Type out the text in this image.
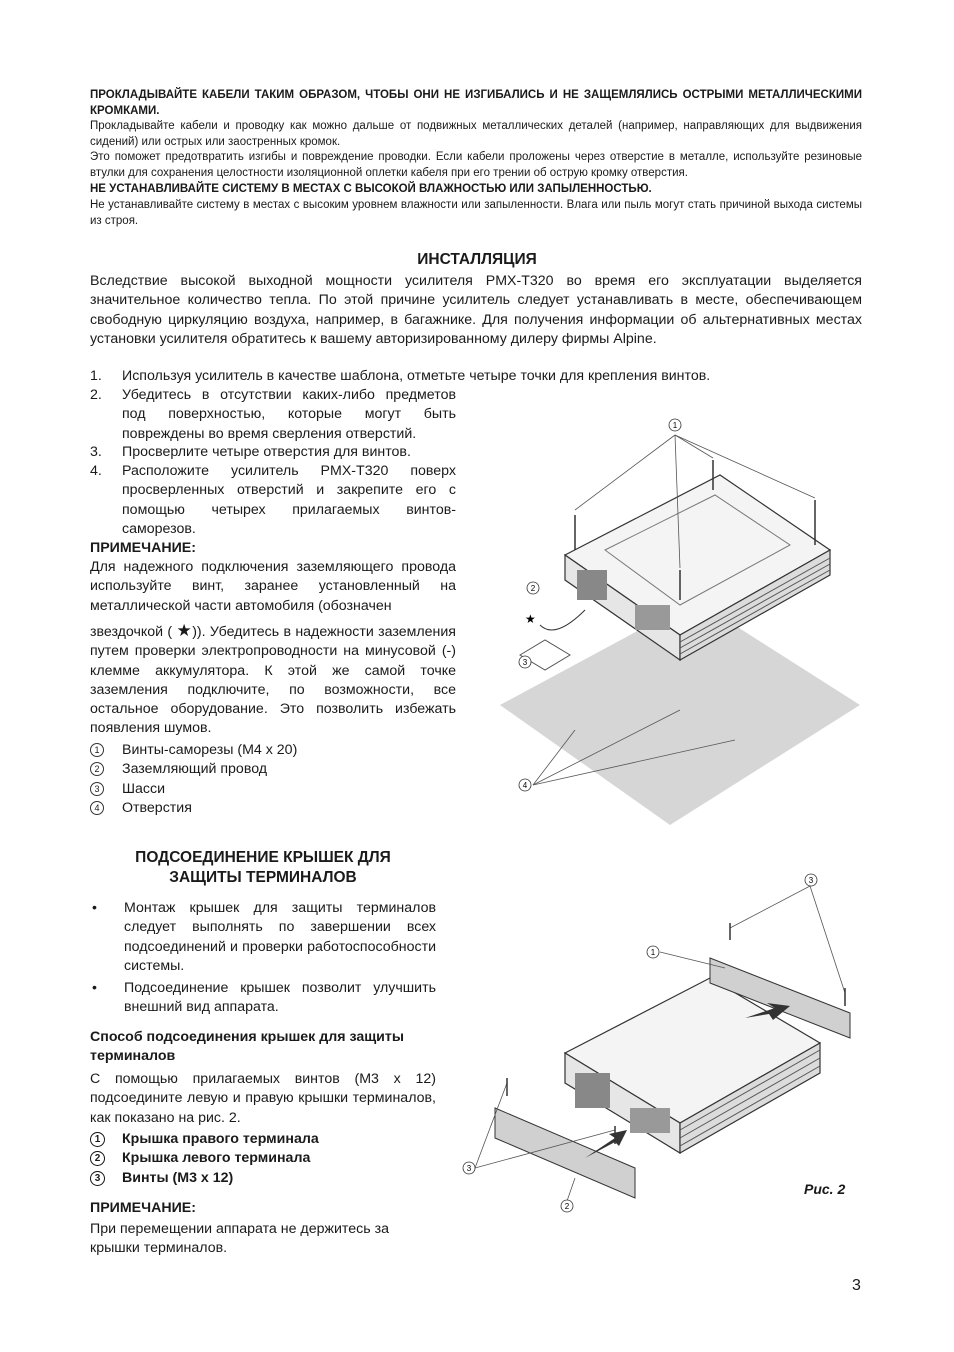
ПРОКЛАДЫВАЙТЕ КАБЕЛИ ТАКИМ ОБРАЗОМ, ЧТОБЫ ОНИ НЕ ИЗГИБАЛИСЬ И НЕ ЗАЩЕМЛЯЛИСЬ ОСТРЫМИ МЕТАЛЛИЧЕСКИМИ КРОМКАМИ.
Прокладывайте кабели и проводку как можно дальше от подвижных металлических деталей (например, направляющих для выдвижения сидений) или острых или заостренных кромок.
Это поможет предотвратить изгибы и повреждение проводки. Если кабели проложены через отверстие в металле, используйте резиновые втулки для сохранения целостности изоляционной оплетки кабеля при его трении об острую кромку отверстия.
НЕ УСТАНАВЛИВАЙТЕ СИСТЕМУ В МЕСТАХ С ВЫСОКОЙ ВЛАЖНОСТЬЮ ИЛИ ЗАПЫЛЕННОСТЬЮ.
Не устанавливайте систему в местах с высоким уровнем влажности или запыленности. Влага или пыль могут стать причиной выхода системы из строя.
ИНСТАЛЛЯЦИЯ
Вследствие высокой выходной мощности усилителя PMX-T320 во время его эксплуатации выделяется значительное количество тепла. По этой причине усилитель следует устанавливать в месте, обеспечивающем свободную циркуляцию воздуха, например, в багажнике. Для получения информации об альтернативных местах установки усилителя обратитесь к вашему авторизированному дилеру фирмы Alpine.
1.	Используя усилитель в качестве шаблона, отметьте четыре точки для крепления винтов.
2.	Убедитесь в отсутствии каких-либо предметов под поверхностью, которые могут быть повреждены во время сверления отверстий.
3.	Просверлите четыре отверстия для винтов.
4.	Расположите усилитель PMX-T320 поверх просверленных отверстий и закрепите его с помощью четырех прилагаемых винтов-саморезов.
ПРИМЕЧАНИЕ:
Для надежного подключения заземляющего провода используйте винт, заранее установленный на металлической части автомобиля (обозначен
звездочкой ( ★)). Убедитесь в надежности заземления путем проверки электропроводности на минусовой (-) клемме аккумулятора. К этой же самой точке заземления подключите, по возможности, все остальное оборудование. Это позволить избежать появления шумов.
1	Винты-саморезы (M4 x 20)
2	Заземляющий провод
3	Шасси
4	Отверстия
1
2
3
4
★
ПОДСОЕДИНЕНИЕ КРЫШЕК ДЛЯ
ЗАЩИТЫ ТЕРМИНАЛОВ
•	Монтаж крышек для защиты терминалов следует выполнять по завершении всех подсоединений и проверки работоспособности системы.
•	Подсоединение крышек позволит улучшить внешний вид аппарата.
Способ подсоединения крышек для защиты терминалов
С помощью прилагаемых винтов (M3 x 12) подсоедините левую и правую крышки терминалов, как показано на рис. 2.
1	Крышка правого терминала
2	Крышка левого терминала
3	Винты (M3 x 12)
ПРИМЕЧАНИЕ:
При перемещении аппарата не держитесь за крышки терминалов.
1
2
3
3
Рис. 2
3
